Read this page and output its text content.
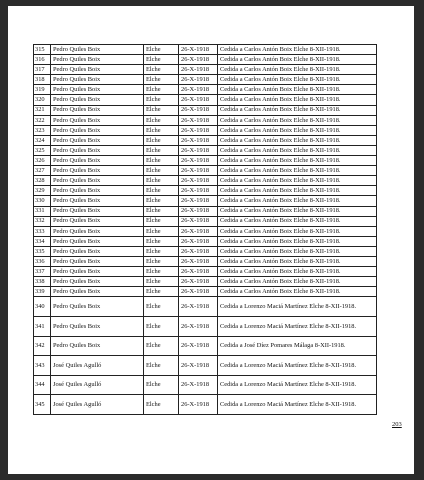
315	Pedro Quiles Boix	Elche	26-X-1918	Cedida a Carlos Antón Boix Elche 8-XII-1918.
316	Pedro Quiles Boix	Elche	26-X-1918	Cedida a Carlos Antón Boix Elche 8-XII-1918.
317	Pedro Quiles Boix	Elche	26-X-1918	Cedida a Carlos Antón Boix Elche 8-XII-1918.
318	Pedro Quiles Boix	Elche	26-X-1918	Cedida a Carlos Antón Boix Elche 8-XII-1918.
319	Pedro Quiles Boix	Elche	26-X-1918	Cedida a Carlos Antón Boix Elche 8-XII-1918.
320	Pedro Quiles Boix	Elche	26-X-1918	Cedida a Carlos Antón Boix Elche 8-XII-1918.
321	Pedro Quiles Boix	Elche	26-X-1918	Cedida a Carlos Antón Boix Elche 8-XII-1918.
322	Pedro Quiles Boix	Elche	26-X-1918	Cedida a Carlos Antón Boix Elche 8-XII-1918.
323	Pedro Quiles Boix	Elche	26-X-1918	Cedida a Carlos Antón Boix Elche 8-XII-1918.
324	Pedro Quiles Boix	Elche	26-X-1918	Cedida a Carlos Antón Boix Elche 8-XII-1918.
325	Pedro Quiles Boix	Elche	26-X-1918	Cedida a Carlos Antón Boix Elche 8-XII-1918.
326	Pedro Quiles Boix	Elche	26-X-1918	Cedida a Carlos Antón Boix Elche 8-XII-1918.
327	Pedro Quiles Boix	Elche	26-X-1918	Cedida a Carlos Antón Boix Elche 8-XII-1918.
328	Pedro Quiles Boix	Elche	26-X-1918	Cedida a Carlos Antón Boix Elche 8-XII-1918.
329	Pedro Quiles Boix	Elche	26-X-1918	Cedida a Carlos Antón Boix Elche 8-XII-1918.
330	Pedro Quiles Boix	Elche	26-X-1918	Cedida a Carlos Antón Boix Elche 8-XII-1918.
331	Pedro Quiles Boix	Elche	26-X-1918	Cedida a Carlos Antón Boix Elche 8-XII-1918.
332	Pedro Quiles Boix	Elche	26-X-1918	Cedida a Carlos Antón Boix Elche 8-XII-1918.
333	Pedro Quiles Boix	Elche	26-X-1918	Cedida a Carlos Antón Boix Elche 8-XII-1918.
334	Pedro Quiles Boix	Elche	26-X-1918	Cedida a Carlos Antón Boix Elche 8-XII-1918.
335	Pedro Quiles Boix	Elche	26-X-1918	Cedida a Carlos Antón Boix Elche 8-XII-1918.
336	Pedro Quiles Boix	Elche	26-X-1918	Cedida a Carlos Antón Boix Elche 8-XII-1918.
337	Pedro Quiles Boix	Elche	26-X-1918	Cedida a Carlos Antón Boix Elche 8-XII-1918.
338	Pedro Quiles Boix	Elche	26-X-1918	Cedida a Carlos Antón Boix Elche 8-XII-1918.
339	Pedro Quiles Boix	Elche	26-X-1918	Cedida a Carlos Antón Boix Elche 8-XII-1918.
340	Pedro Quiles Boix	Elche	26-X-1918	Cedida a Lorenzo Maciá Martínez Elche 8-XII-1918.
341	Pedro Quiles Boix	Elche	26-X-1918	Cedida a Lorenzo Maciá Martínez Elche 8-XII-1918.
342	Pedro Quiles Boix	Elche	26-X-1918	Cedida a José Díez Pomares Málaga 8-XII-1918.
343	José Quiles Agulló	Elche	26-X-1918	Cedida a Lorenzo Maciá Martínez Elche 8-XII-1918.
344	José Quiles Agulló	Elche	26-X-1918	Cedida a Lorenzo Maciá Martínez Elche 8-XII-1918.
345	José Quiles Agulló	Elche	26-X-1918	Cedida a Lorenzo Maciá Martínez Elche 8-XII-1918.
203
